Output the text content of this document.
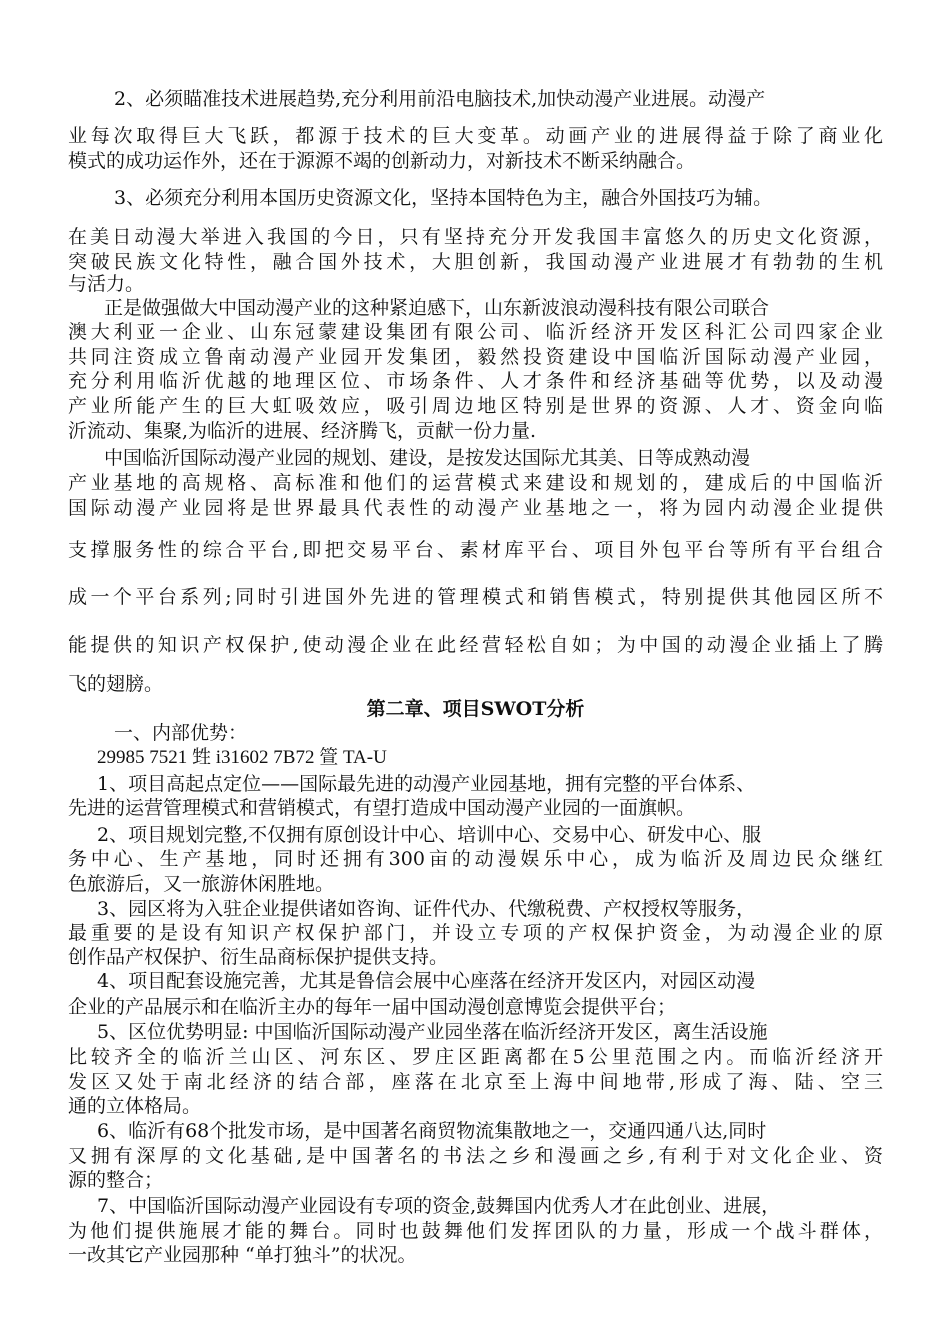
2、必须瞄准技术进展趋势,充分利用前沿电脑技术,加快动漫产业进展。动漫产
业每次取得巨大飞跃，都源于技术的巨大变革。动画产业的进展得益于除了商业化
模式的成功运作外，还在于源源不竭的创新动力，对新技术不断采纳融合。
3、必须充分利用本国历史资源文化，坚持本国特色为主，融合外国技巧为辅。
在美日动漫大举进入我国的今日，只有坚持充分开发我国丰富悠久的历史文化资源，
突破民族文化特性，融合国外技术，大胆创新，我国动漫产业进展才有勃勃的生机
与活力。
正是做强做大中国动漫产业的这种紧迫感下，山东新波浪动漫科技有限公司联合
澳大利亚一企业、山东冠蒙建设集团有限公司、临沂经济开发区科汇公司四家企业
共同注资成立鲁南动漫产业园开发集团，毅然投资建设中国临沂国际动漫产业园，
充分利用临沂优越的地理区位、市场条件、人才条件和经济基础等优势，以及动漫
产业所能产生的巨大虹吸效应，吸引周边地区特别是世界的资源、人才、资金向临
沂流动、集聚,为临沂的进展、经济腾飞，贡献一份力量.
中国临沂国际动漫产业园的规划、建设，是按发达国际尤其美、日等成熟动漫
产业基地的高规格、高标准和他们的运营模式来建设和规划的，建成后的中国临沂
国际动漫产业园将是世界最具代表性的动漫产业基地之一，将为园内动漫企业提供
支撑服务性的综合平台,即把交易平台、素材库平台、项目外包平台等所有平台组合
成一个平台系列;同时引进国外先进的管理模式和销售模式，特别提供其他园区所不
能提供的知识产权保护,使动漫企业在此经营轻松自如；为中国的动漫企业插上了腾
飞的翅膀。
第二章、项目SWOT分析
一、内部优势：
29985 7521 甡 i31602 7B72 箮 TA-U
1、项目高起点定位——国际最先进的动漫产业园基地，拥有完整的平台体系、
先进的运营管理模式和营销模式，有望打造成中国动漫产业园的一面旗帜。
2、项目规划完整,不仅拥有原创设计中心、培训中心、交易中心、研发中心、服
务中心、生产基地，同时还拥有300亩的动漫娱乐中心，成为临沂及周边民众继红
色旅游后，又一旅游休闲胜地。
3、园区将为入驻企业提供诸如咨询、证件代办、代缴税费、产权授权等服务，
最重要的是设有知识产权保护部门，并设立专项的产权保护资金，为动漫企业的原
创作品产权保护、衍生品商标保护提供支持。
4、项目配套设施完善，尤其是鲁信会展中心座落在经济开发区内，对园区动漫
企业的产品展示和在临沂主办的每年一届中国动漫创意博览会提供平台；
5、区位优势明显: 中国临沂国际动漫产业园坐落在临沂经济开发区，离生活设施
比较齐全的临沂兰山区、河东区、罗庄区距离都在5公里范围之内。而临沂经济开
发区又处于南北经济的结合部，座落在北京至上海中间地带,形成了海、陆、空三
通的立体格局。
6、临沂有68个批发市场，是中国著名商贸物流集散地之一，交通四通八达,同时
又拥有深厚的文化基础,是中国著名的书法之乡和漫画之乡,有利于对文化企业、资
源的整合；
7、中国临沂国际动漫产业园设有专项的资金,鼓舞国内优秀人才在此创业、进展，
为他们提供施展才能的舞台。同时也鼓舞他们发挥团队的力量，形成一个战斗群体，
一改其它产业园那种 “单打独斗”的状况。
